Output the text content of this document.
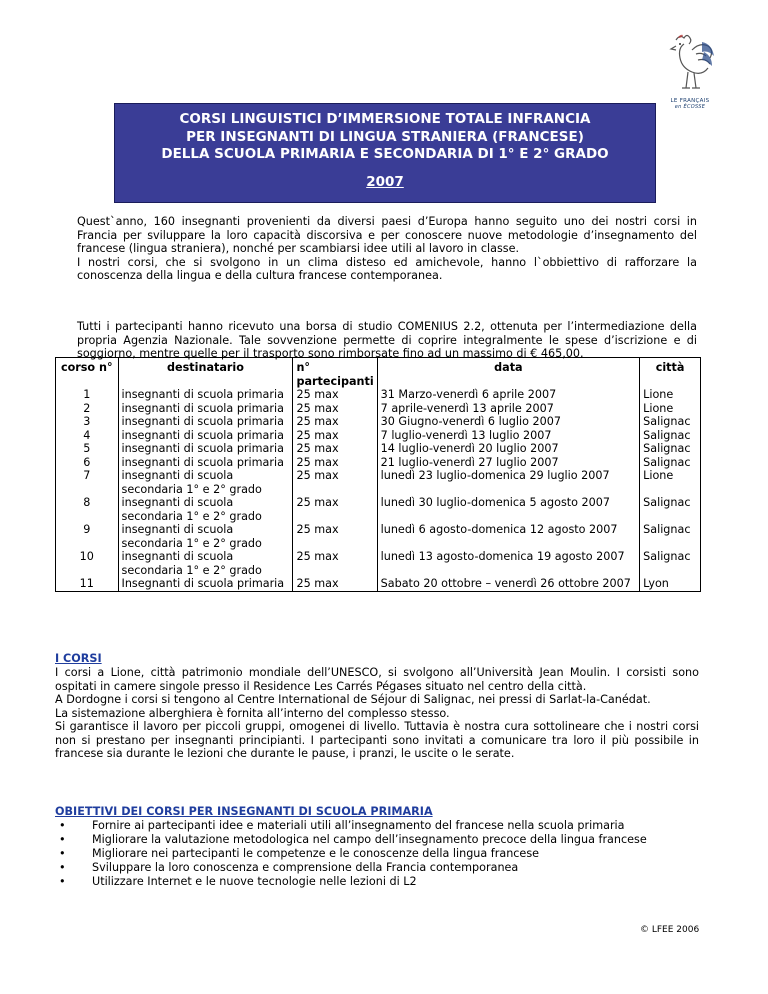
LE FRANÇAIS
en ÉCOSSE
CORSI LINGUISTICI D’IMMERSIONE TOTALE INFRANCIA
PER INSEGNANTI DI LINGUA STRANIERA (FRANCESE)
DELLA SCUOLA PRIMARIA E SECONDARIA DI 1° E 2° GRADO
2007
Quest`anno, 160 insegnanti provenienti da diversi paesi d’Europa hanno seguito uno dei nostri corsi in Francia per sviluppare la loro capacità discorsiva e per conoscere nuove metodologie d’insegnamento del francese (lingua straniera), nonché per scambiarsi idee utili al lavoro in classe.
I nostri corsi, che si svolgono in un clima disteso ed amichevole, hanno l`obbiettivo di rafforzare la conoscenza della lingua e della cultura francese contemporanea.
Tutti i partecipanti hanno ricevuto una borsa di studio COMENIUS 2.2, ottenuta per l’intermediazione della propria Agenzia Nazionale. Tale sovvenzione permette di coprire integralmente le spese d’iscrizione e di soggiorno, mentre quelle per il trasporto sono rimborsate fino ad un massimo di € 465,00.
corso n°	destinatario	n° partecipanti	data	città
1	insegnanti di scuola primaria	25 max	31 Marzo-venerdì 6 aprile 2007	Lione
2	insegnanti di scuola primaria	25 max	7 aprile-venerdì 13 aprile 2007	Lione
3	insegnanti di scuola primaria	25 max	30 Giugno-venerdì 6 luglio 2007	Salignac
4	insegnanti di scuola primaria	25 max	7 luglio-venerdì 13 luglio 2007	Salignac
5	insegnanti di scuola primaria	25 max	14 luglio-venerdì 20 luglio 2007	Salignac
6	insegnanti di scuola primaria	25 max	21 luglio-venerdì 27 luglio 2007	Salignac
7	insegnanti di scuola secondaria 1° e 2° grado	25 max	lunedì 23 luglio-domenica 29 luglio 2007	Lione
8	insegnanti di scuola secondaria 1° e 2° grado	25 max	lunedì 30 luglio-domenica 5 agosto 2007	Salignac
9	insegnanti di scuola secondaria 1° e 2° grado	25 max	lunedì 6 agosto-domenica 12 agosto 2007	Salignac
10	insegnanti di scuola secondaria 1° e 2° grado	25 max	lunedì 13 agosto-domenica 19 agosto 2007	Salignac
11	Insegnanti di scuola primaria	25 max	Sabato 20 ottobre – venerdì 26 ottobre 2007	Lyon
I CORSI
I corsi a Lione, città patrimonio mondiale dell’UNESCO, si svolgono all’Università Jean Moulin. I corsisti sono ospitati in camere singole presso il Residence Les Carrés Pégases situato nel centro della città.
A Dordogne i corsi si tengono al Centre International de Séjour di Salignac, nei pressi di Sarlat-la-Canédat.
La sistemazione alberghiera è fornita all’interno del complesso stesso.
Si garantisce il lavoro per piccoli gruppi, omogenei di livello. Tuttavia è nostra cura sottolineare che i nostri corsi non si prestano per insegnanti principianti. I partecipanti sono invitati a comunicare tra loro il più possibile in francese sia durante le lezioni che durante le pause, i pranzi, le uscite o le serate.
OBIETTIVI DEI CORSI PER INSEGNANTI DI SCUOLA PRIMARIA
•	Fornire ai partecipanti idee e materiali utili all’insegnamento del francese nella scuola primaria
•	Migliorare la valutazione metodologica nel campo dell’insegnamento precoce della lingua francese
•	Migliorare nei partecipanti le competenze e le conoscenze della lingua francese
•	Sviluppare la loro conoscenza e comprensione della Francia contemporanea
•	Utilizzare Internet e le nuove tecnologie nelle lezioni di L2
© LFEE 2006
